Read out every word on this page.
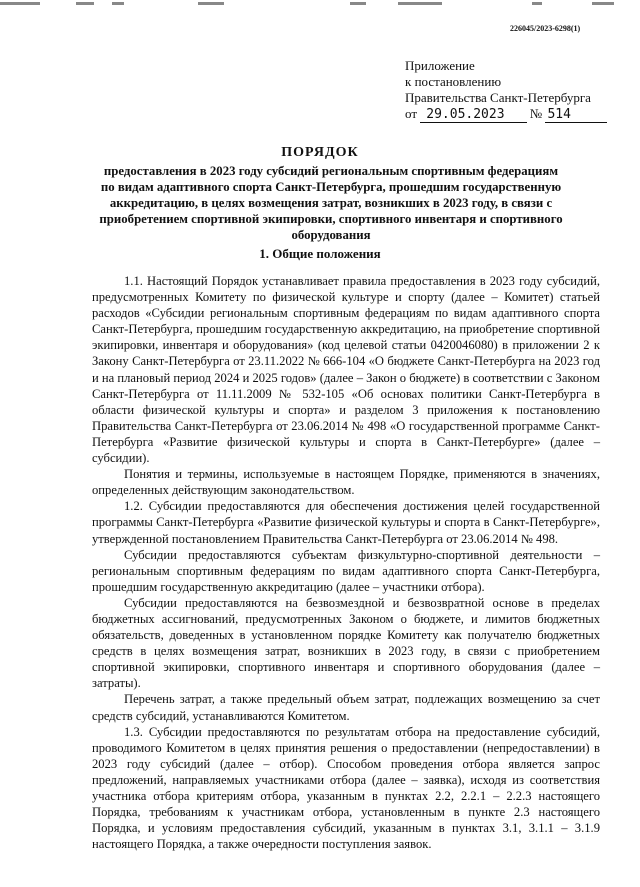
226045/2023-6298(1)
Приложение
к постановлению
Правительства Санкт-Петербурга
от 29.05.2023 № 514
ПОРЯДОК
предоставления в 2023 году субсидий региональным спортивным федерациям по видам адаптивного спорта Санкт-Петербурга, прошедшим государственную аккредитацию, в целях возмещения затрат, возникших в 2023 году, в связи с приобретением спортивной экипировки, спортивного инвентаря и спортивного оборудования
1. Общие положения

1.1. Настоящий Порядок устанавливает правила предоставления в 2023 году субсидий, предусмотренных Комитету по физической культуре и спорту (далее – Комитет) статьей расходов «Субсидии региональным спортивным федерациям по видам адаптивного спорта Санкт-Петербурга, прошедшим государственную аккредитацию, на приобретение спортивной экипировки, инвентаря и оборудования» (код целевой статьи 0420046080) в приложении 2 к Закону Санкт-Петербурга от 23.11.2022 № 666-104 «О бюджете Санкт-Петербурга на 2023 год и на плановый период 2024 и 2025 годов» (далее – Закон о бюджете) в соответствии с Законом Санкт-Петербурга от 11.11.2009 № 532-105 «Об основах политики Санкт-Петербурга в области физической культуры и спорта» и разделом 3 приложения к постановлению Правительства Санкт-Петербурга от 23.06.2014 № 498 «О государственной программе Санкт-Петербурга «Развитие физической культуры и спорта в Санкт-Петербурге» (далее – субсидии).

Понятия и термины, используемые в настоящем Порядке, применяются в значениях, определенных действующим законодательством.

1.2. Субсидии предоставляются для обеспечения достижения целей государственной программы Санкт-Петербурга «Развитие физической культуры и спорта в Санкт-Петербурге», утвержденной постановлением Правительства Санкт-Петербурга от 23.06.2014 № 498.

Субсидии предоставляются субъектам физкультурно-спортивной деятельности – региональным спортивным федерациям по видам адаптивного спорта Санкт-Петербурга, прошедшим государственную аккредитацию (далее – участники отбора).

Субсидии предоставляются на безвозмездной и безвозвратной основе в пределах бюджетных ассигнований, предусмотренных Законом о бюджете, и лимитов бюджетных обязательств, доведенных в установленном порядке Комитету как получателю бюджетных средств в целях возмещения затрат, возникших в 2023 году, в связи с приобретением спортивной экипировки, спортивного инвентаря и спортивного оборудования (далее – затраты).

Перечень затрат, а также предельный объем затрат, подлежащих возмещению за счет средств субсидий, устанавливаются Комитетом.

1.3. Субсидии предоставляются по результатам отбора на предоставление субсидий, проводимого Комитетом в целях принятия решения о предоставлении (непредоставлении) в 2023 году субсидий (далее – отбор). Способом проведения отбора является запрос предложений, направляемых участниками отбора (далее – заявка), исходя из соответствия участника отбора критериям отбора, указанным в пунктах 2.2, 2.2.1 – 2.2.3 настоящего Порядка, требованиям к участникам отбора, установленным в пункте 2.3 настоящего Порядка, и условиям предоставления субсидий, указанным в пунктах 3.1, 3.1.1 – 3.1.9 настоящего Порядка, а также очередности поступления заявок.
